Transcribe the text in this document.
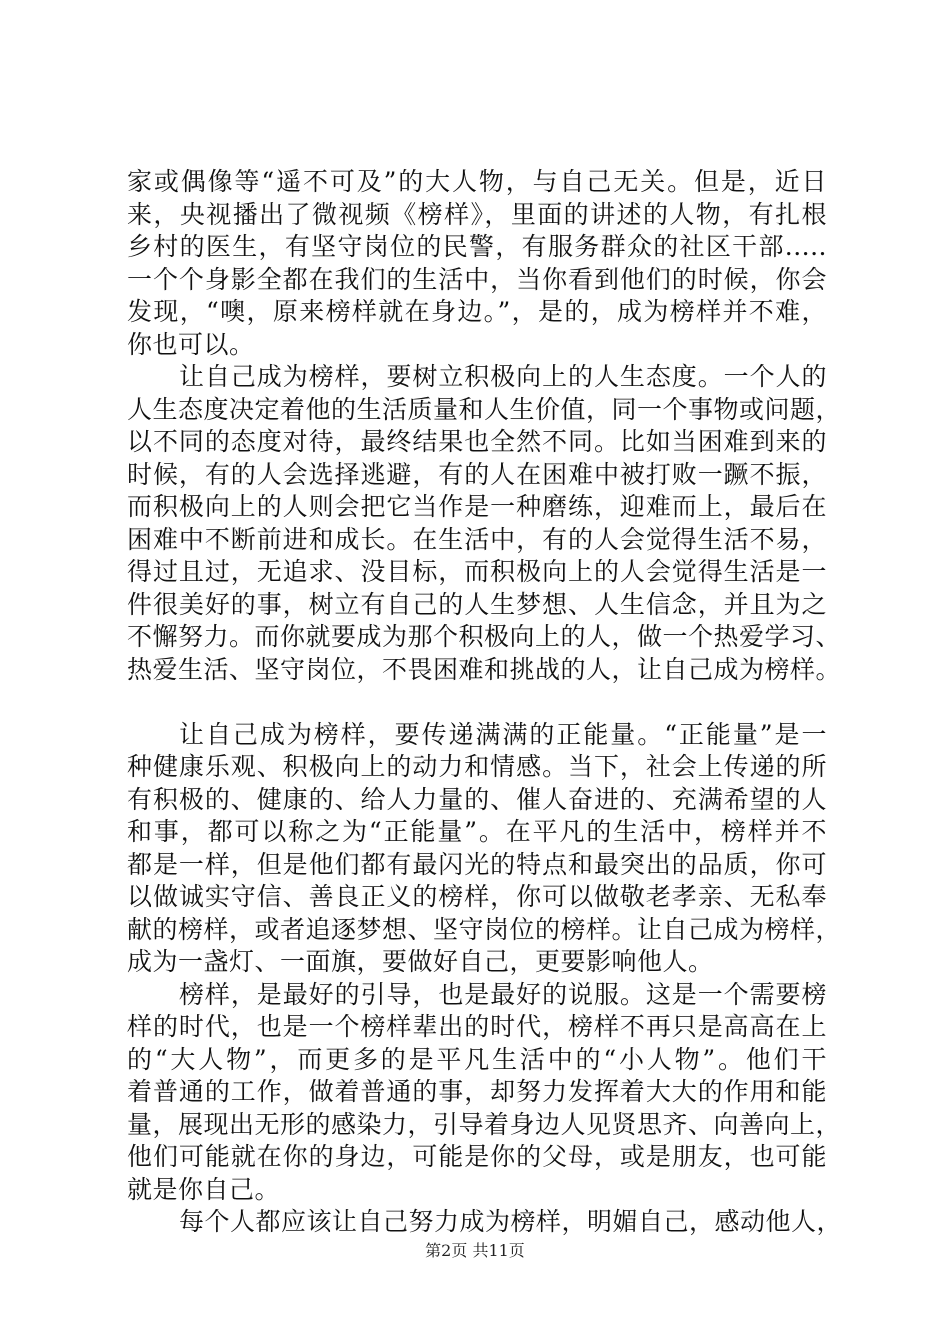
家或偶像等“遥不可及”的大人物，与自己无关。但是，近日
来，央视播出了微视频《榜样》，里面的讲述的人物，有扎根
乡村的医生，有坚守岗位的民警，有服务群众的社区干部.....
一个个身影全都在我们的生活中，当你看到他们的时候，你会
发现，“噢，原来榜样就在身边。”，是的，成为榜样并不难，
你也可以。
让自己成为榜样，要树立积极向上的人生态度。一个人的
人生态度决定着他的生活质量和人生价值，同一个事物或问题，
以不同的态度对待，最终结果也全然不同。比如当困难到来的
时候，有的人会选择逃避，有的人在困难中被打败一蹶不振，
而积极向上的人则会把它当作是一种磨练，迎难而上，最后在
困难中不断前进和成长。在生活中，有的人会觉得生活不易，
得过且过，无追求、没目标，而积极向上的人会觉得生活是一
件很美好的事，树立有自己的人生梦想、人生信念，并且为之
不懈努力。而你就要成为那个积极向上的人，做一个热爱学习、
热爱生活、坚守岗位，不畏困难和挑战的人，让自己成为榜样。
让自己成为榜样，要传递满满的正能量。“正能量”是一
种健康乐观、积极向上的动力和情感。当下，社会上传递的所
有积极的、健康的、给人力量的、催人奋进的、充满希望的人
和事，都可以称之为“正能量”。在平凡的生活中，榜样并不
都是一样，但是他们都有最闪光的特点和最突出的品质，你可
以做诚实守信、善良正义的榜样，你可以做敬老孝亲、无私奉
献的榜样，或者追逐梦想、坚守岗位的榜样。让自己成为榜样，
成为一盏灯、一面旗，要做好自己，更要影响他人。
榜样，是最好的引导，也是最好的说服。这是一个需要榜
样的时代，也是一个榜样辈出的时代，榜样不再只是高高在上
的“大人物”，而更多的是平凡生活中的“小人物”。他们干
着普通的工作，做着普通的事，却努力发挥着大大的作用和能
量，展现出无形的感染力，引导着身边人见贤思齐、向善向上，
他们可能就在你的身边，可能是你的父母，或是朋友，也可能
就是你自己。
每个人都应该让自己努力成为榜样，明媚自己，感动他人，
第2页 共11页
